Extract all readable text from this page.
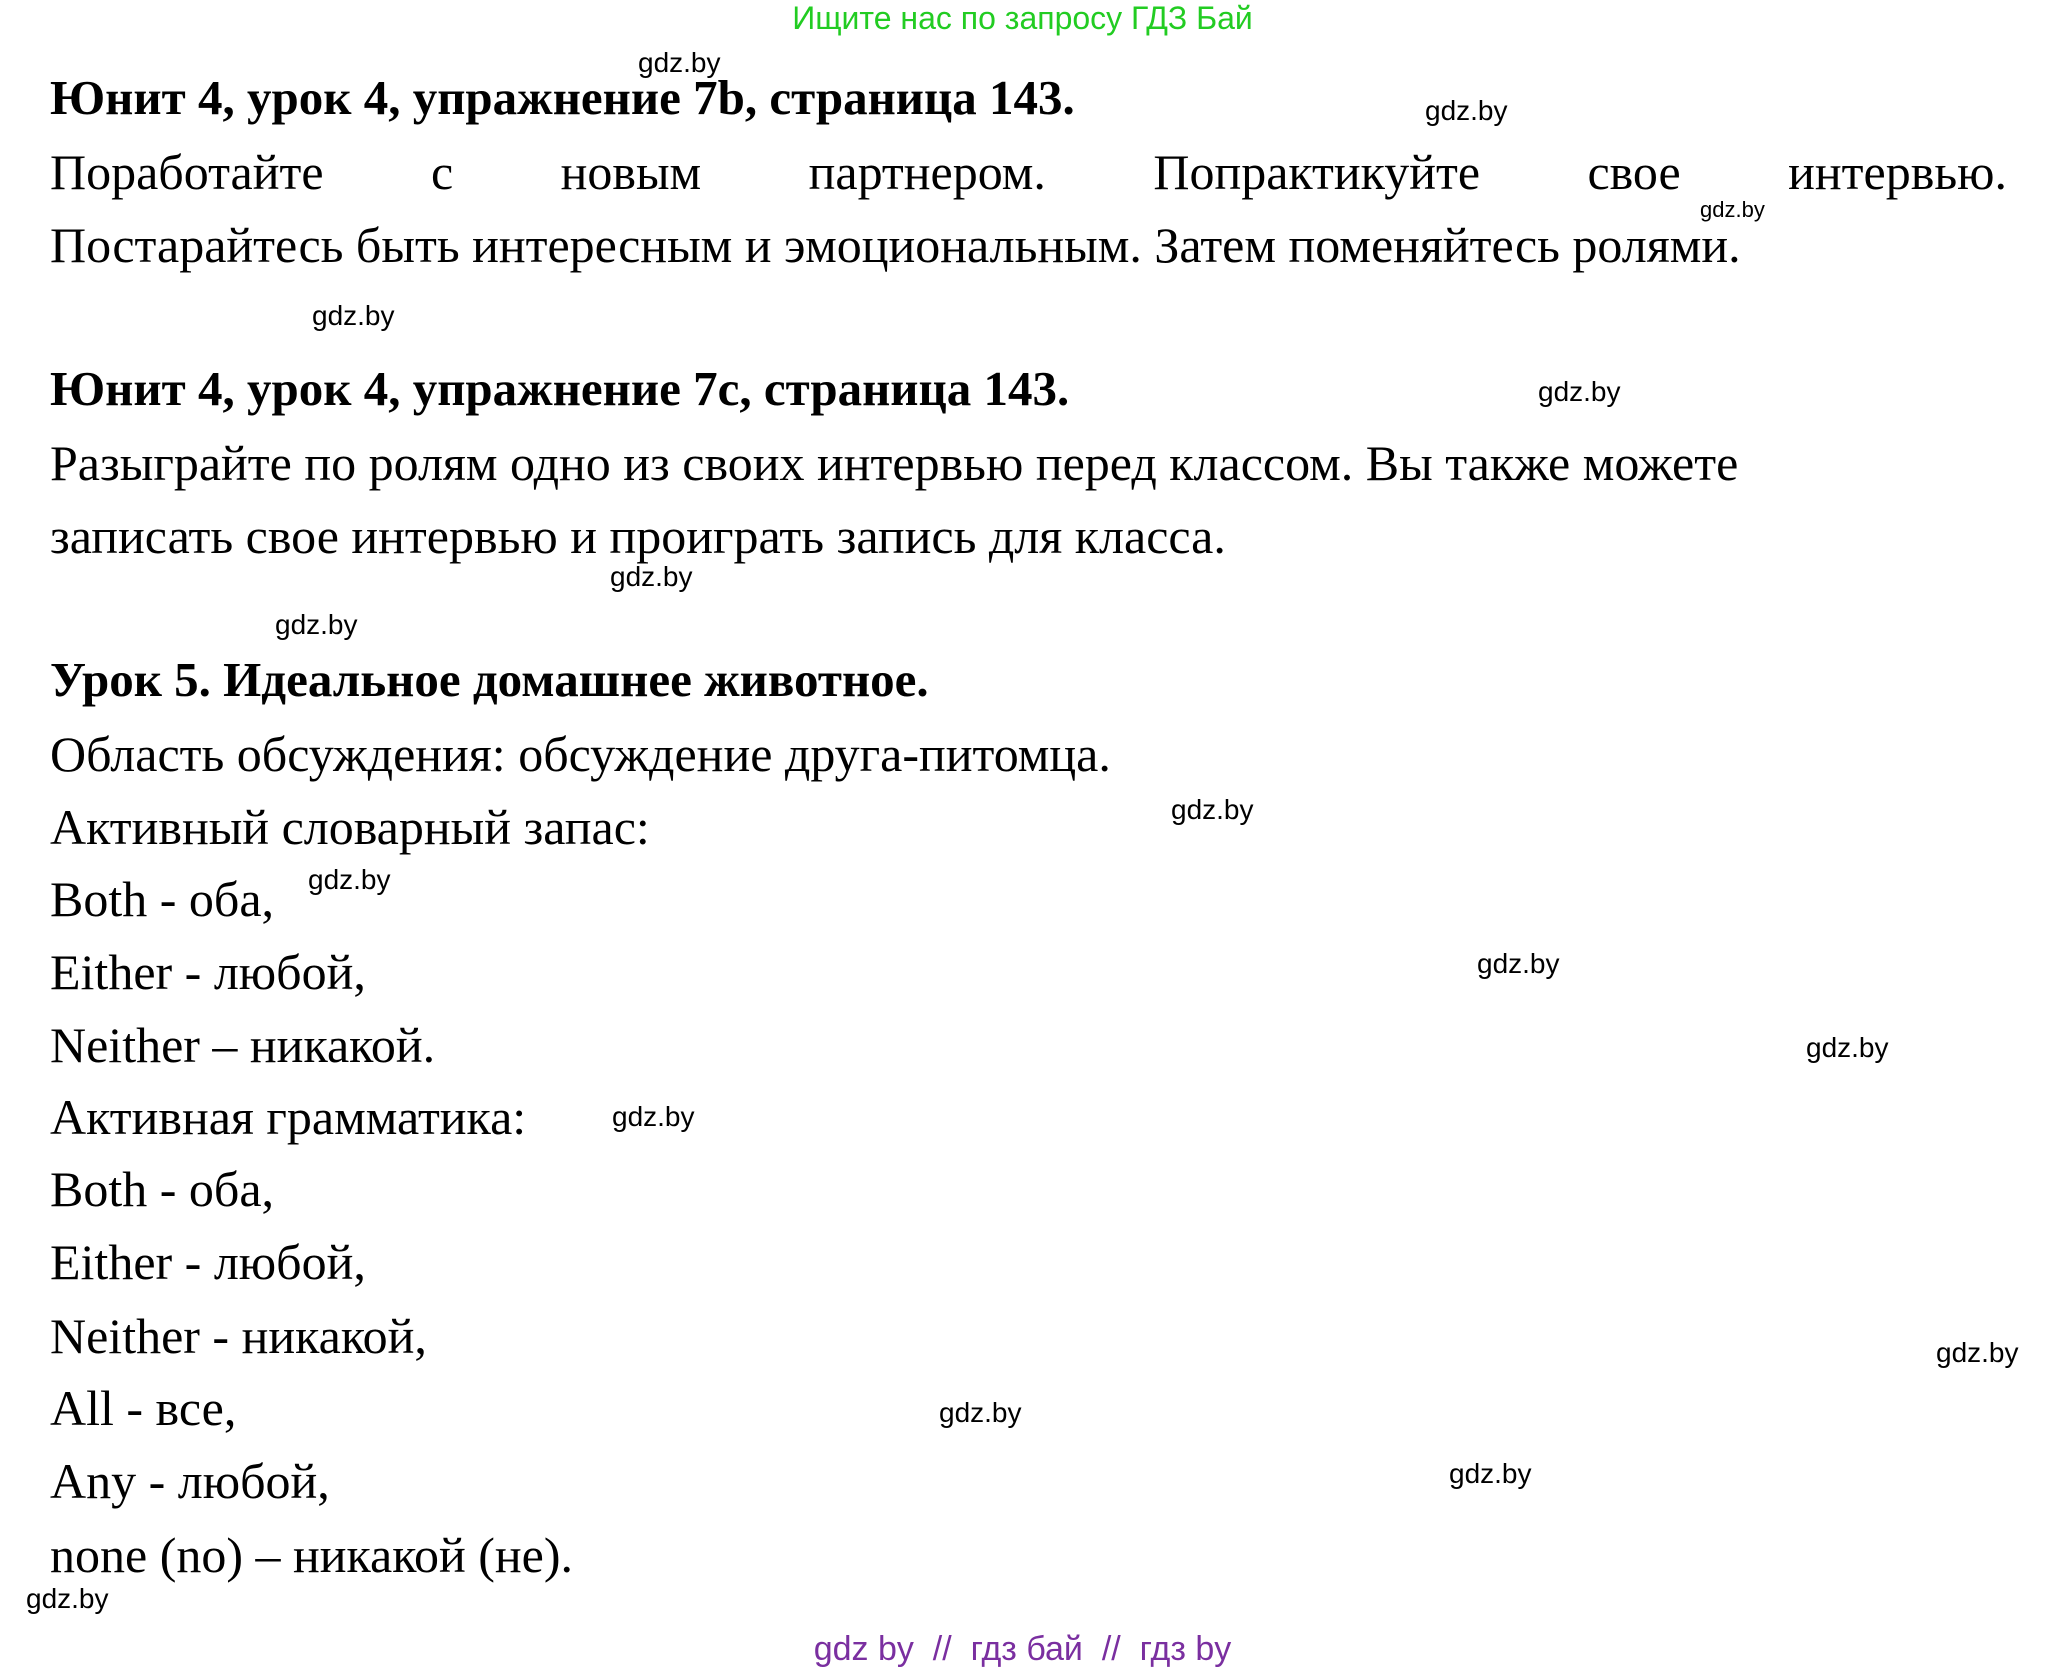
Ищите нас по запросу ГДЗ Бай
Юнит 4, урок 4, упражнение 7b, страница 143.
Поработайте с новым партнером. Попрактикуйте свое интервью.
Постарайтесь быть интересным и эмоциональным. Затем поменяйтесь ролями.
Юнит 4, урок 4, упражнение 7c, страница 143.
Разыграйте по ролям одно из своих интервью перед классом. Вы также можете
записать свое интервью и проиграть запись для класса.
Урок 5. Идеальное домашнее животное.
Область обсуждения: обсуждение друга-питомца.
Активный словарный запас:
Both - оба,
Either - любой,
Neither – никакой.
Активная грамматика:
Both - оба,
Either - любой,
Neither - никакой,
All - все,
Any - любой,
none (no) – никакой (не).
gdz.by
gdz.by
gdz.by
gdz.by
gdz.by
gdz.by
gdz.by
gdz.by
gdz.by
gdz.by
gdz.by
gdz.by
gdz.by
gdz.by
gdz.by
gdz.by
gdz by  //  гдз бай  //  гдз by
